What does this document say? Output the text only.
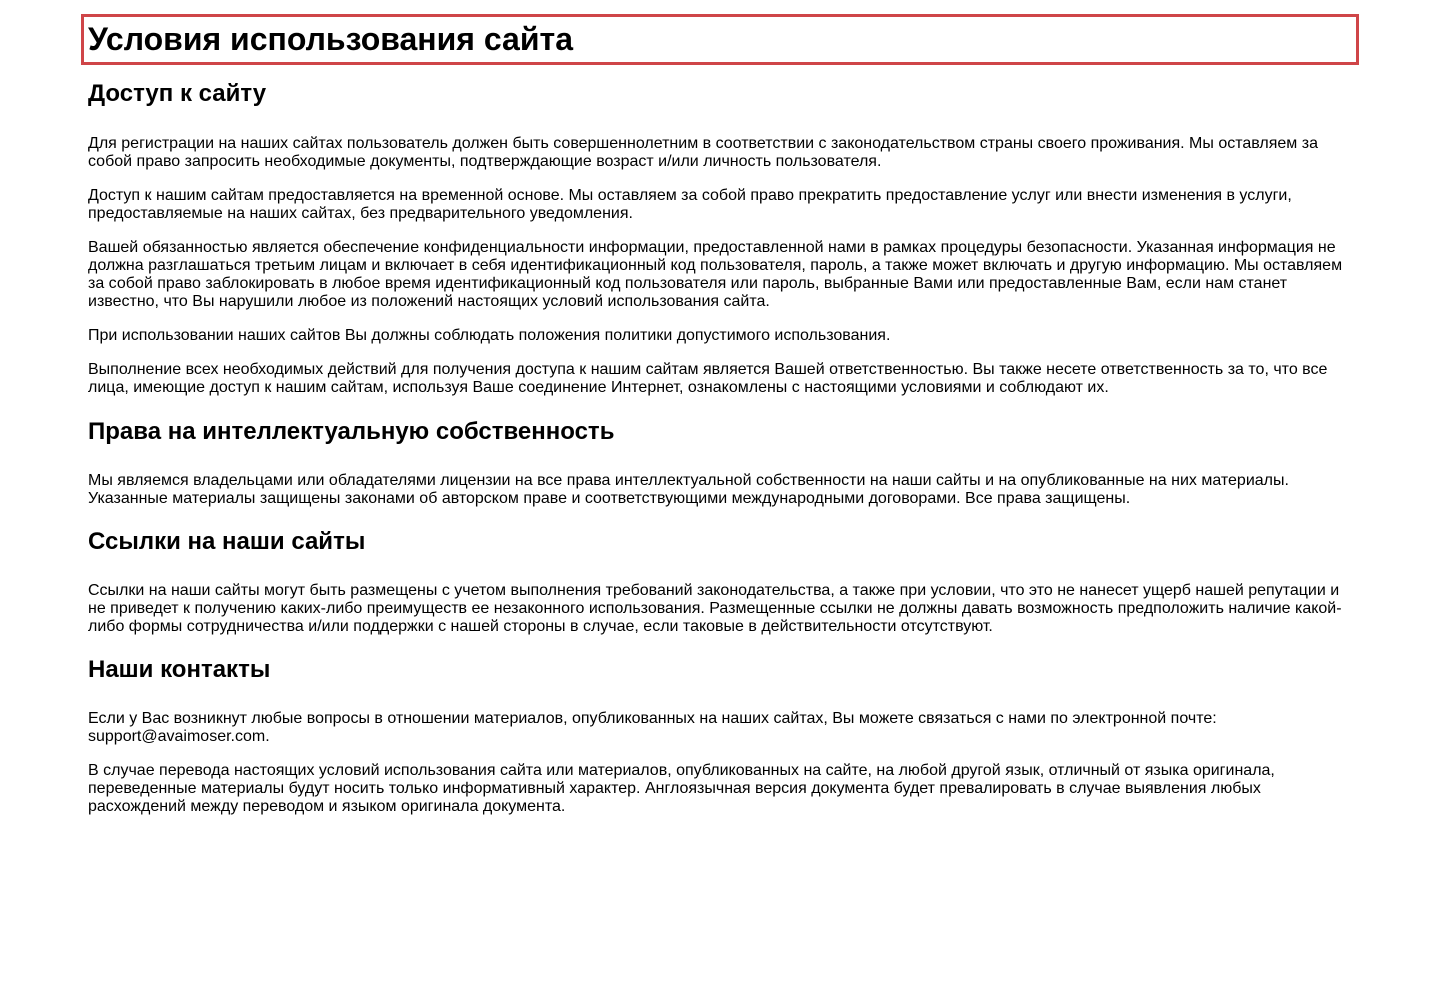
Условия использования сайта
Доступ к сайту

Для регистрации на наших сайтах пользователь должен быть совершеннолетним в соответствии с законодательством страны своего проживания. Мы оставляем за собой право запросить необходимые документы, подтверждающие возраст и/или личность пользователя.

Доступ к нашим сайтам предоставляется на временной основе. Мы оставляем за собой право прекратить предоставление услуг или внести изменения в услуги, предоставляемые на наших сайтах, без предварительного уведомления.

Вашей обязанностью является обеспечение конфиденциальности информации, предоставленной нами в рамках процедуры безопасности. Указанная информация не должна разглашаться третьим лицам и включает в себя идентификационный код пользователя, пароль, а также может включать и другую информацию. Мы оставляем за собой право заблокировать в любое время идентификационный код пользователя или пароль, выбранные Вами или предоставленные Вам, если нам станет известно, что Вы нарушили любое из положений настоящих условий использования сайта.

При использовании наших сайтов Вы должны соблюдать положения политики допустимого использования.

Выполнение всех необходимых действий для получения доступа к нашим сайтам является Вашей ответственностью. Вы также несете ответственность за то, что все лица, имеющие доступ к нашим сайтам, используя Ваше соединение Интернет, ознакомлены с настоящими условиями и соблюдают их.

Права на интеллектуальную собственность

Мы являемся владельцами или обладателями лицензии на все права интеллектуальной собственности на наши сайты и на опубликованные на них материалы. Указанные материалы защищены законами об авторском праве и соответствующими международными договорами. Все права защищены.

Ссылки на наши сайты

Ссылки на наши сайты могут быть размещены с учетом выполнения требований законодательства, а также при условии, что это не нанесет ущерб нашей репутации и не приведет к получению каких-либо преимуществ ее незаконного использования. Размещенные ссылки не должны давать возможность предположить наличие какой-либо формы сотрудничества и/или поддержки с нашей стороны в случае, если таковые в действительности отсутствуют.

Наши контакты

Если у Вас возникнут любые вопросы в отношении материалов, опубликованных на наших сайтах, Вы можете связаться с нами по электронной почте: support@avaimoser.com.

В случае перевода настоящих условий использования сайта или материалов, опубликованных на сайте, на любой другой язык, отличный от языка оригинала, переведенные материалы будут носить только информативный характер. Англоязычная версия документа будет превалировать в случае выявления любых расхождений между переводом и языком оригинала документа.
